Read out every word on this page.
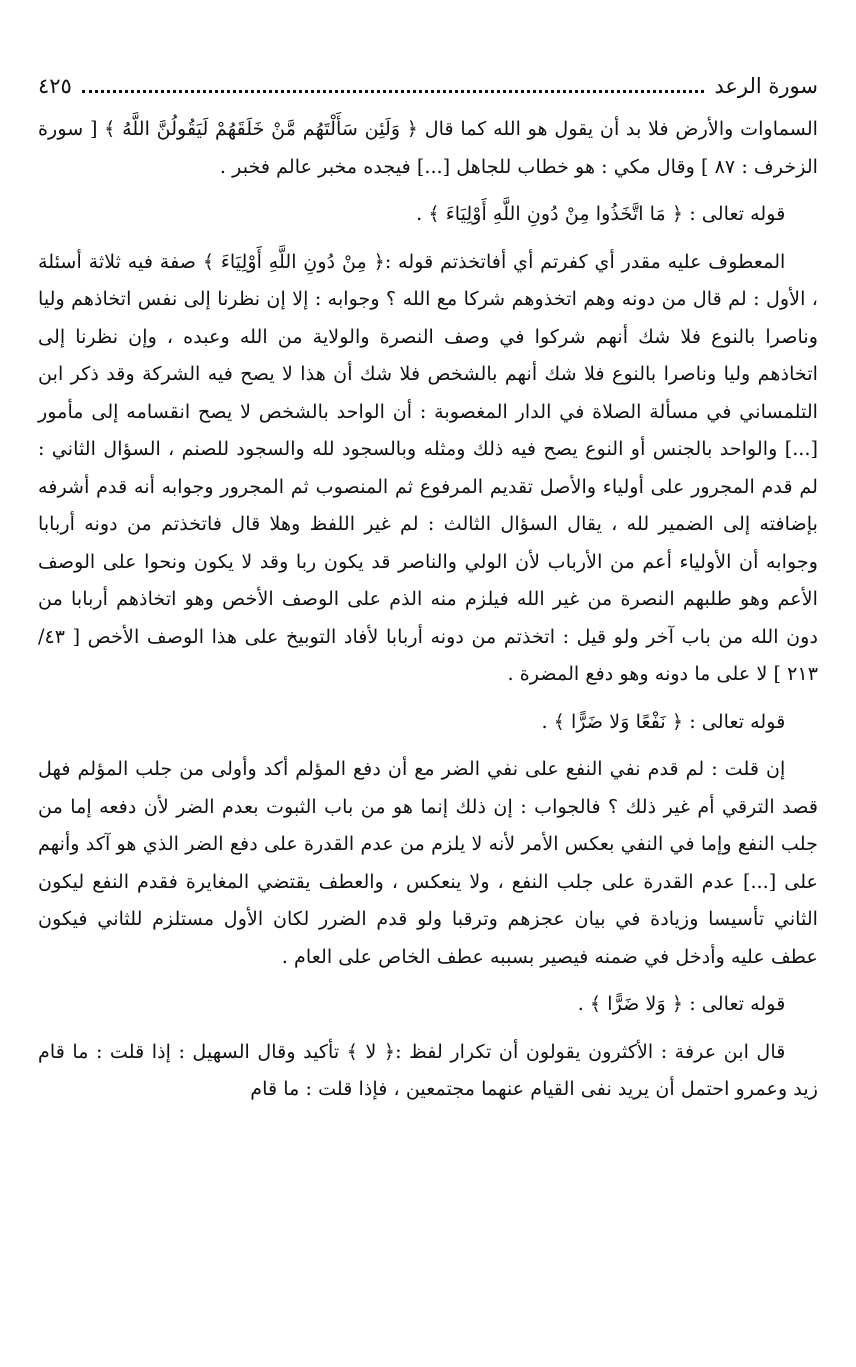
سورة الرعد
٤٢٥

السماوات والأرض فلا بد أن يقول هو الله كما قال ﴿ وَلَئِن سَأَلْتَهُم مَّنْ خَلَقَهُمْ لَيَقُولُنَّ اللَّهُ ﴾ [ سورة الزخرف : ٨٧ ] وقال مكي : هو خطاب للجاهل [...] فيجده مخبر عالم فخبر .

قوله تعالى : ﴿ مَا اتَّخَذُوا مِنْ دُونِ اللَّهِ أَوْلِيَاءَ ﴾ .

المعطوف عليه مقدر أي كفرتم أي أفاتخذتم قوله :﴿ مِنْ دُونِ اللَّهِ أَوْلِيَاءَ ﴾ صفة فيه ثلاثة أسئلة ، الأول : لم قال من دونه وهم اتخذوهم شركا مع الله ؟ وجوابه : إلا إن نظرنا إلى نفس اتخاذهم وليا وناصرا بالنوع فلا شك أنهم شركوا في وصف النصرة والولاية من الله وعبده ، وإن نظرنا إلى اتخاذهم وليا وناصرا بالنوع فلا شك أنهم بالشخص فلا شك أن هذا لا يصح فيه الشركة وقد ذكر ابن التلمساني في مسألة الصلاة في الدار المغصوبة : أن الواحد بالشخص لا يصح انقسامه إلى مأمور [...] والواحد بالجنس أو النوع يصح فيه ذلك ومثله وبالسجود لله والسجود للصنم ، السؤال الثاني : لم قدم المجرور على أولياء والأصل تقديم المرفوع ثم المنصوب ثم المجرور وجوابه أنه قدم أشرفه بإضافته إلى الضمير لله ، يقال السؤال الثالث : لم غير اللفظ وهلا قال فاتخذتم من دونه أربابا وجوابه أن الأولياء أعم من الأرباب لأن الولي والناصر قد يكون ربا وقد لا يكون ونحوا على الوصف الأعم وهو طلبهم النصرة من غير الله فيلزم منه الذم على الوصف الأخص وهو اتخاذهم أربابا من دون الله من باب آخر ولو قيل : اتخذتم من دونه أربابا لأفاد التوبيخ على هذا الوصف الأخص [ ٤٣/ ٢١٣ ] لا على ما دونه وهو دفع المضرة .

قوله تعالى : ﴿ نَفْعًا وَلا ضَرًّا ﴾ .

إن قلت : لم قدم نفي النفع على نفي الضر مع أن دفع المؤلم أكد وأولى من جلب المؤلم فهل قصد الترقي أم غير ذلك ؟ فالجواب : إن ذلك إنما هو من باب الثبوت بعدم الضر لأن دفعه إما من جلب النفع وإما في النفي بعكس الأمر لأنه لا يلزم من عدم القدرة على دفع الضر الذي هو آكد وأنهم على [...] عدم القدرة على جلب النفع ، ولا ينعكس ، والعطف يقتضي المغايرة فقدم النفع ليكون الثاني تأسيسا وزيادة في بيان عجزهم وترقبا ولو قدم الضرر لكان الأول مستلزم للثاني فيكون عطف عليه وأدخل في ضمنه فيصير بسببه عطف الخاص على العام .

قوله تعالى : ﴿ وَلا ضَرًّا ﴾ .

قال ابن عرفة : الأكثرون يقولون أن تكرار لفظ :﴿ لا ﴾ تأكيد وقال السهيل : إذا قلت : ما قام زيد وعمرو احتمل أن يريد نفى القيام عنهما مجتمعين ، فإذا قلت : ما قام
